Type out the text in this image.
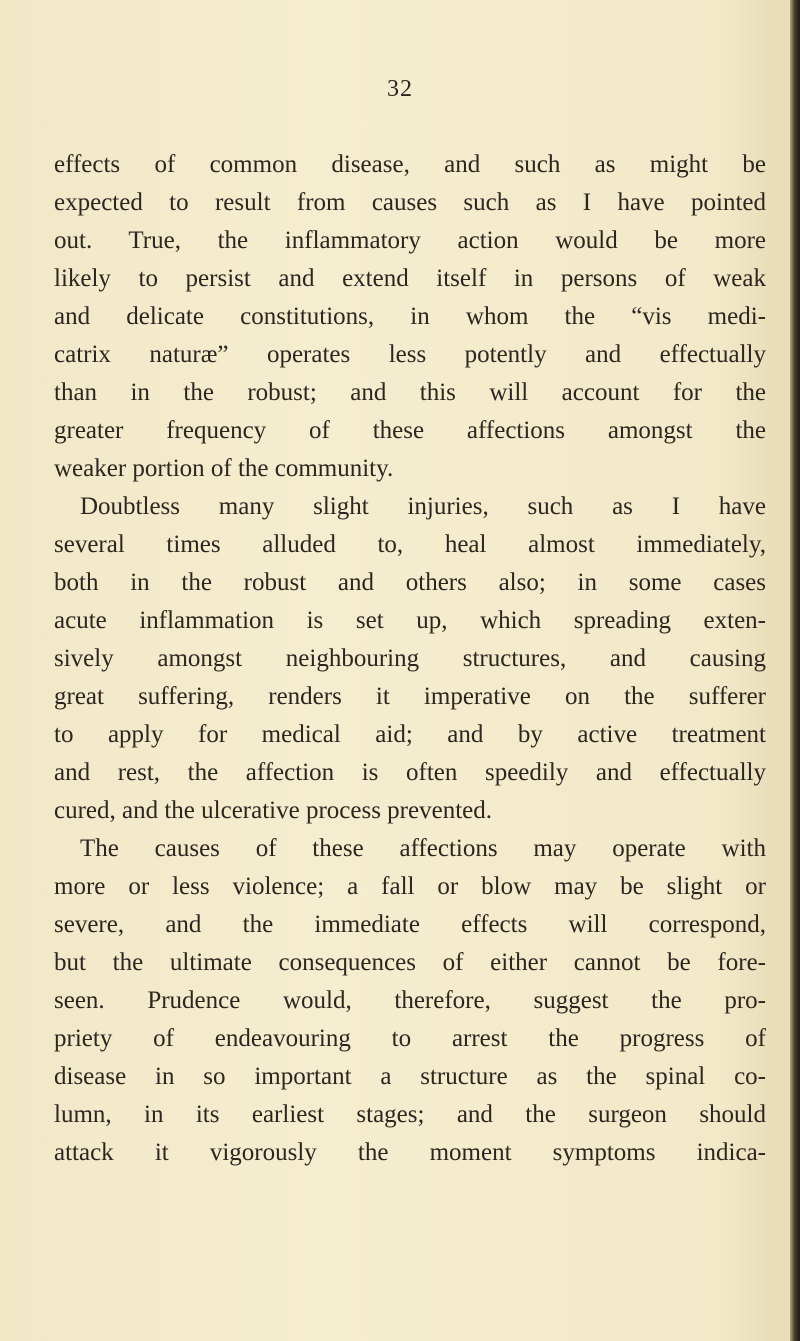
32
effects of common disease, and such as might be
expected to result from causes such as I have pointed
out. True, the inflammatory action would be more
likely to persist and extend itself in persons of weak
and delicate constitutions, in whom the “vis medi-
catrix naturæ” operates less potently and effectually
than in the robust; and this will account for the
greater frequency of these affections amongst the
weaker portion of the community.
Doubtless many slight injuries, such as I have
several times alluded to, heal almost immediately,
both in the robust and others also; in some cases
acute inflammation is set up, which spreading exten-
sively amongst neighbouring structures, and causing
great suffering, renders it imperative on the sufferer
to apply for medical aid; and by active treatment
and rest, the affection is often speedily and effectually
cured, and the ulcerative process prevented.
The causes of these affections may operate with
more or less violence; a fall or blow may be slight or
severe, and the immediate effects will correspond,
but the ultimate consequences of either cannot be fore-
seen. Prudence would, therefore, suggest the pro-
priety of endeavouring to arrest the progress of
disease in so important a structure as the spinal co-
lumn, in its earliest stages; and the surgeon should
attack it vigorously the moment symptoms indica-
